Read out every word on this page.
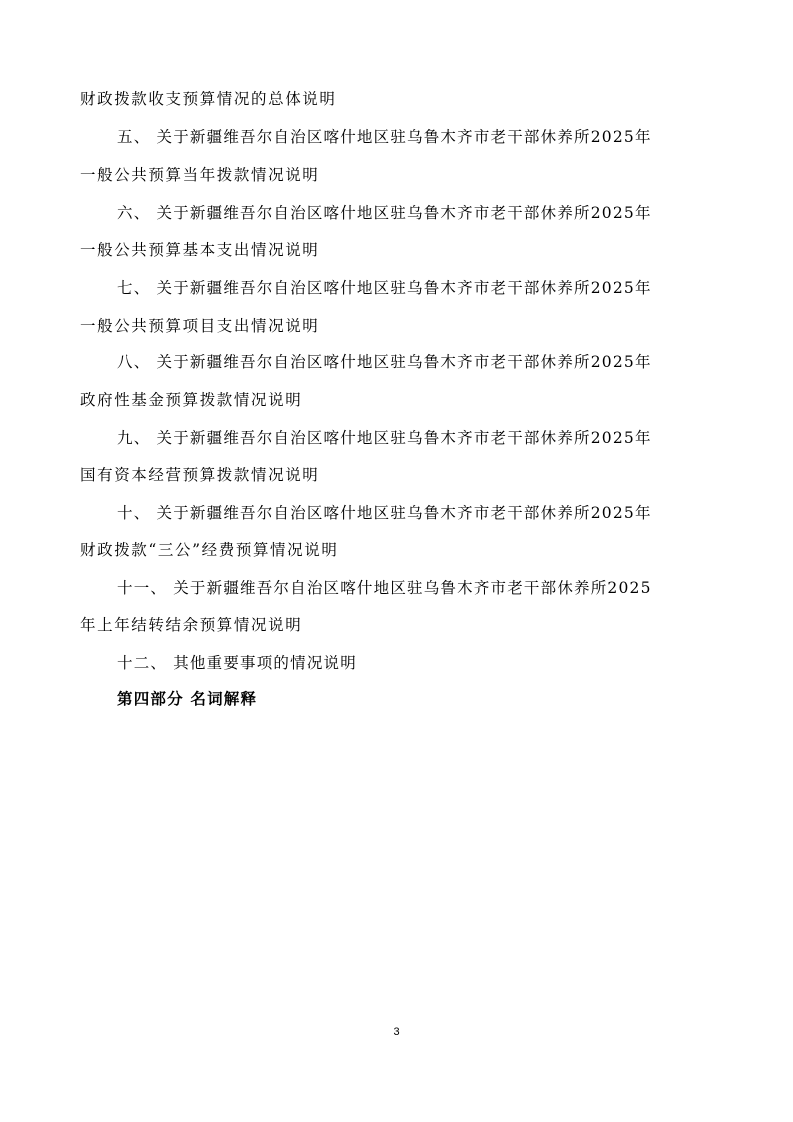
财政拨款收支预算情况的总体说明
五、 关于新疆维吾尔自治区喀什地区驻乌鲁木齐市老干部休养所2025年
一般公共预算当年拨款情况说明
六、 关于新疆维吾尔自治区喀什地区驻乌鲁木齐市老干部休养所2025年
一般公共预算基本支出情况说明
七、 关于新疆维吾尔自治区喀什地区驻乌鲁木齐市老干部休养所2025年
一般公共预算项目支出情况说明
八、 关于新疆维吾尔自治区喀什地区驻乌鲁木齐市老干部休养所2025年
政府性基金预算拨款情况说明
九、 关于新疆维吾尔自治区喀什地区驻乌鲁木齐市老干部休养所2025年
国有资本经营预算拨款情况说明
十、 关于新疆维吾尔自治区喀什地区驻乌鲁木齐市老干部休养所2025年
财政拨款“三公”经费预算情况说明
十一、 关于新疆维吾尔自治区喀什地区驻乌鲁木齐市老干部休养所2025
年上年结转结余预算情况说明
十二、 其他重要事项的情况说明
第四部分 名词解释
3
